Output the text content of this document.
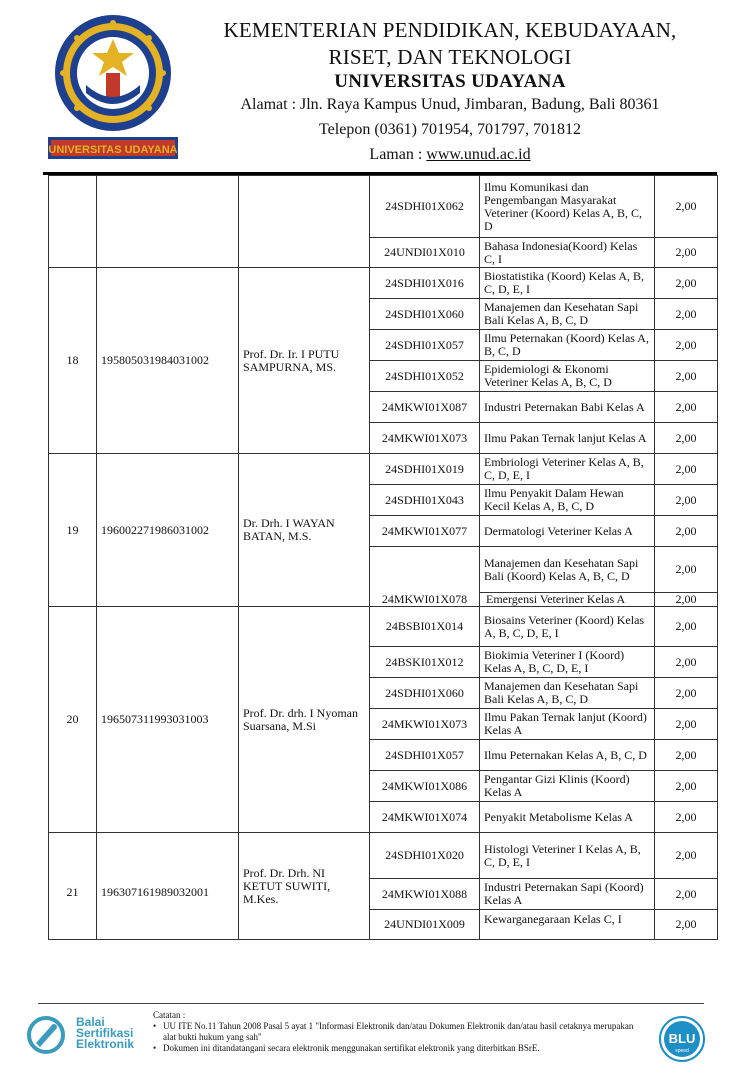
UNIVERSITAS UDAYANA
KEMENTERIAN PENDIDIKAN, KEBUDAYAAN,
RISET, DAN TEKNOLOGI
UNIVERSITAS UDAYANA
Alamat : Jln. Raya Kampus Unud, Jimbaran, Badung, Bali 80361
Telepon (0361) 701954, 701797, 701812
Laman : www.unud.ac.id
			24SDHI01X062	Ilmu Komunikasi dan Pengembangan Masyarakat Veteriner (Koord) Kelas A, B, C, D	2,00
			24UNDI01X010	Bahasa Indonesia(Koord) Kelas C, I	2,00
18	195805031984031002	Prof. Dr. Ir. I PUTU SAMPURNA, MS.	24SDHI01X016	Biostatistika (Koord) Kelas A, B, C, D, E, I	2,00
			24SDHI01X060	Manajemen dan Kesehatan Sapi Bali Kelas A, B, C, D	2,00
			24SDHI01X057	Ilmu Peternakan (Koord) Kelas A, B, C, D	2,00
			24SDHI01X052	Epidemiologi & Ekonomi Veteriner Kelas A, B, C, D	2,00
			24MKWI01X087	Industri Peternakan Babi Kelas A	2,00
			24MKWI01X073	Ilmu Pakan Ternak lanjut Kelas A	2,00
19	196002271986031002	Dr. Drh. I WAYAN BATAN, M.S.	24SDHI01X019	Embriologi Veteriner Kelas A, B, C, D, E, I	2,00
			24SDHI01X043	Ilmu Penyakit Dalam Hewan Kecil Kelas A, B, C, D	2,00
			24MKWI01X077	Dermatologi Veteriner Kelas A	2,00
				Manajemen dan Kesehatan Sapi Bali (Koord) Kelas A, B, C, D	2,00
			24MKWI01X078	Emergensi Veteriner Kelas A	2,00
20	196507311993031003	Prof. Dr. drh. I Nyoman Suarsana, M.Si	24BSBI01X014	Biosains Veteriner (Koord) Kelas A, B, C, D, E, I	2,00
			24BSKI01X012	Biokimia Veteriner I (Koord) Kelas A, B, C, D, E, I	2,00
			24SDHI01X060	Manajemen dan Kesehatan Sapi Bali Kelas A, B, C, D	2,00
			24MKWI01X073	Ilmu Pakan Ternak lanjut (Koord) Kelas A	2,00
			24SDHI01X057	Ilmu Peternakan Kelas A, B, C, D	2,00
			24MKWI01X086	Pengantar Gizi Klinis (Koord) Kelas A	2,00
			24MKWI01X074	Penyakit Metabolisme Kelas A	2,00
21	196307161989032001	Prof. Dr. Drh. NI KETUT SUWITI, M.Kes.	24SDHI01X020	Histologi Veteriner I Kelas A, B, C, D, E, I	2,00
			24MKWI01X088	Industri Peternakan Sapi (Koord) Kelas A	2,00
			24UNDI01X009	Kewarganegaraan Kelas C, I	2,00
Balai
Sertifikasi
Elektronik
Catatan :
• UU ITE No.11 Tahun 2008 Pasal 5 ayat 1 "Informasi Elektronik dan/atau Dokumen Elektronik dan/atau hasil cetaknya merupakan alat bukti hukum yang sah"
• Dokumen ini ditandatangani secara elektronik menggunakan sertifikat elektronik yang diterbitkan BSrE.
BLU
speed
